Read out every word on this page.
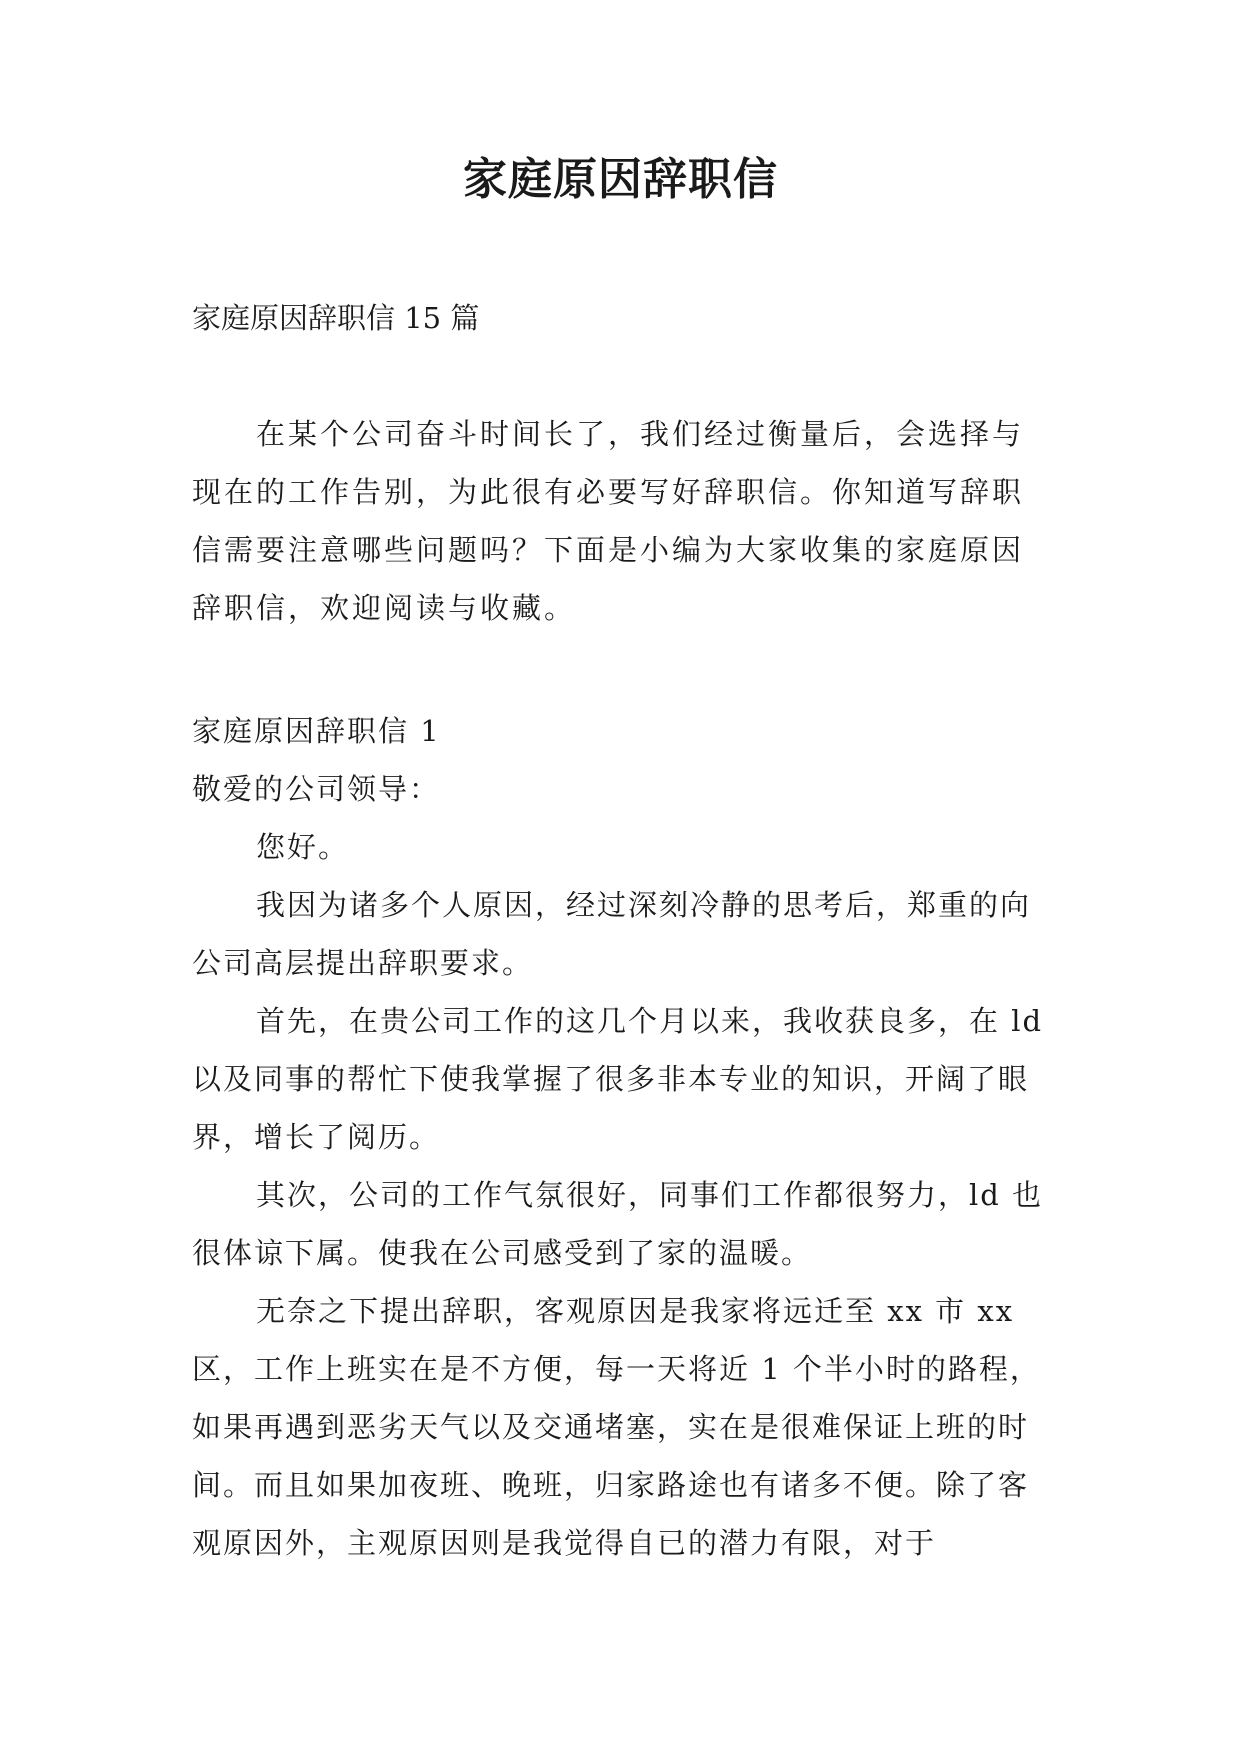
家庭原因辞职信
家庭原因辞职信 15 篇
在某个公司奋斗时间长了，我们经过衡量后，会选择与现在的工作告别，为此很有必要写好辞职信。你知道写辞职信需要注意哪些问题吗？下面是小编为大家收集的家庭原因辞职信，欢迎阅读与收藏。

家庭原因辞职信 1

敬爱的公司领导：

您好。

我因为诸多个人原因，经过深刻冷静的思考后，郑重的向公司高层提出辞职要求。

首先，在贵公司工作的这几个月以来，我收获良多，在 ld 以及同事的帮忙下使我掌握了很多非本专业的知识，开阔了眼界，增长了阅历。

其次，公司的工作气氛很好，同事们工作都很努力，ld 也很体谅下属。使我在公司感受到了家的温暖。

无奈之下提出辞职，客观原因是我家将远迁至 xx 市 xx 区，工作上班实在是不方便，每一天将近 1 个半小时的路程，如果再遇到恶劣天气以及交通堵塞，实在是很难保证上班的时间。而且如果加夜班、晚班，归家路途也有诸多不便。除了客观原因外，主观原因则是我觉得自已的潜力有限，对于
